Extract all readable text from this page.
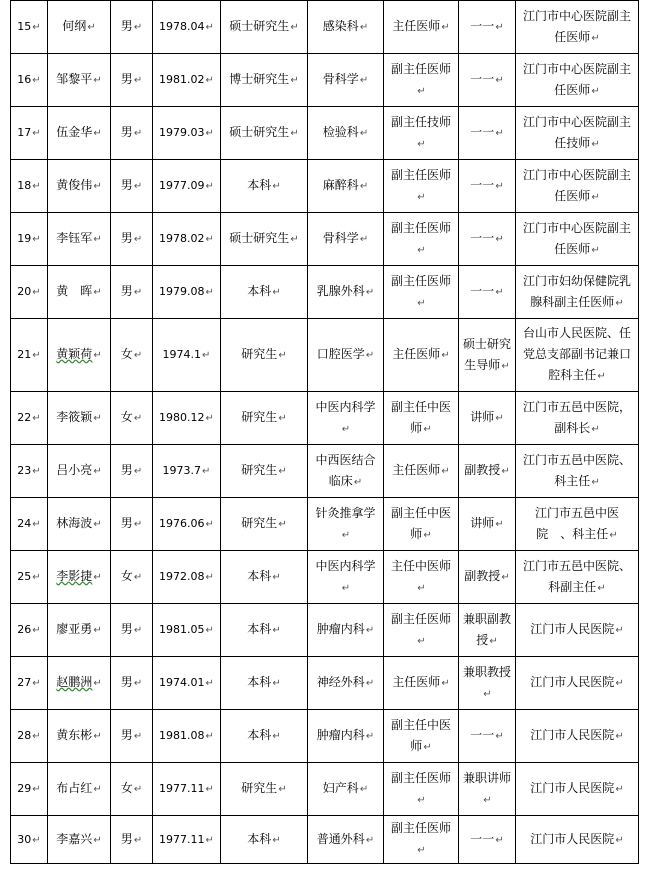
15↵	何纲↵	男↵	1978.04↵	硕士研究生↵	感染科↵	主任医师↵	一一↵	江门市中心医院副主任医师↵
16↵	邹黎平↵	男↵	1981.02↵	博士研究生↵	骨科学↵	副主任医师↵	一一↵	江门市中心医院副主任医师↵
17↵	伍金华↵	男↵	1979.03↵	硕士研究生↵	检验科↵	副主任技师↵	一一↵	江门市中心医院副主任技师↵
18↵	黄俊伟↵	男↵	1977.09↵	本科↵	麻醉科↵	副主任医师↵	一一↵	江门市中心医院副主任医师↵
19↵	李钰军↵	男↵	1978.02↵	硕士研究生↵	骨科学↵	副主任医师↵	一一↵	江门市中心医院副主任医师↵
20↵	黄　晖↵	男↵	1979.08↵	本科↵	乳腺外科↵	副主任医师↵	一一↵	江门市妇幼保健院乳腺科副主任医师↵
21↵	黄颖荷↵	女↵	1974.1↵	研究生↵	口腔医学↵	主任医师↵	硕士研究生导师↵	台山市人民医院、任党总支部副书记兼口腔科主任↵
22↵	李筱颖↵	女↵	1980.12↵	研究生↵	中医内科学↵	副主任中医师↵	讲师↵	江门市五邑中医院，副科长↵
23↵	吕小亮↵	男↵	1973.7↵	研究生↵	中西医结合临床↵	主任医师↵	副教授↵	江门市五邑中医院、科主任↵
24↵	林海波↵	男↵	1976.06↵	研究生↵	针灸推拿学↵	副主任中医师↵	讲师↵	江门市五邑中医院　、科主任↵
25↵	李影捷↵	女↵	1972.08↵	本科↵	中医内科学↵	主任中医师↵	副教授↵	江门市五邑中医院、科副主任↵
26↵	廖亚勇↵	男↵	1981.05↵	本科↵	肿瘤内科↵	副主任医师↵	兼职副教授↵	江门市人民医院↵
27↵	赵鹏洲↵	男↵	1974.01↵	本科↵	神经外科↵	主任医师↵	兼职教授↵	江门市人民医院↵
28↵	黄东彬↵	男↵	1981.08↵	本科↵	肿瘤内科↵	副主任中医师↵	一一↵	江门市人民医院↵
29↵	布占红↵	女↵	1977.11↵	研究生↵	妇产科↵	副主任医师↵	兼职讲师↵	江门市人民医院↵
30↵	李嘉兴↵	男↵	1977.11↵	本科↵	普通外科↵	副主任医师↵	一一↵	江门市人民医院↵
